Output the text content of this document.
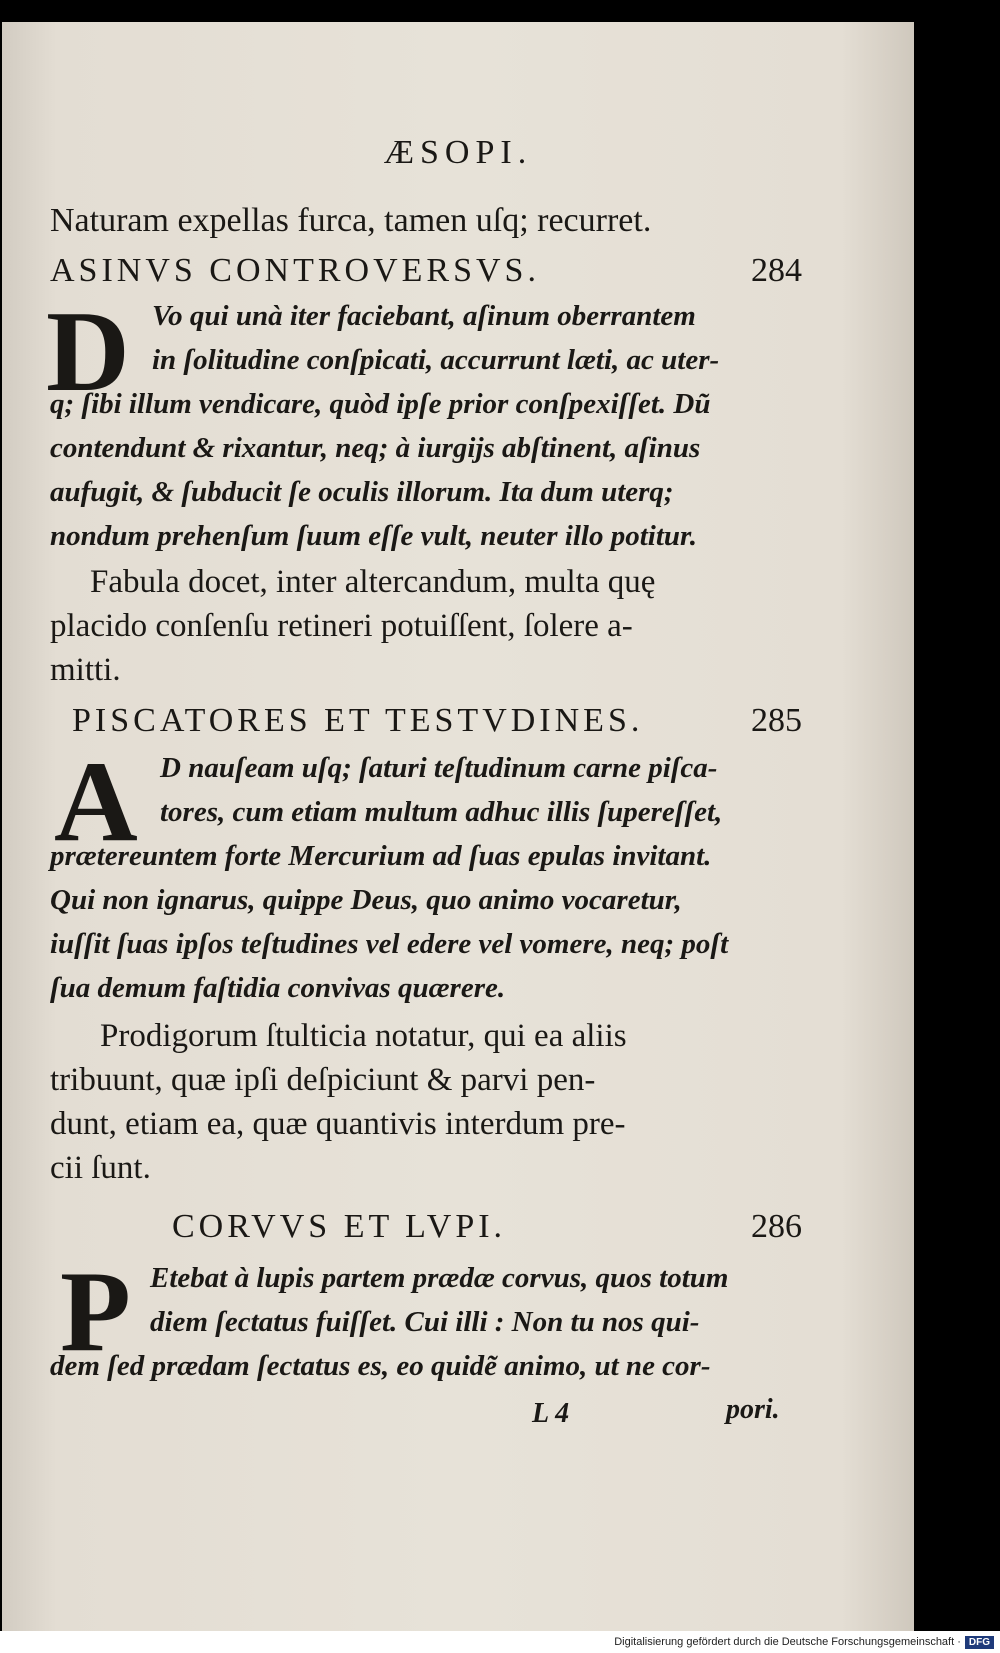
ÆSOPI.
Naturam expellas furca, tamen uſq; recurret.
ASINVS CONTROVERSVS.	284
D Vo qui unà iter faciebant, aſinum oberrantem
in ſolitudine conſpicati, accurrunt læti, ac uter-
q; ſibi illum vendicare, quòd ipſe prior conſpexiſſet. Dũ
contendunt & rixantur, neq; à iurgijs abſtinent, aſinus
aufugit, & ſubducit ſe oculis illorum. Ita dum uterq;
nondum prehenſum ſuum eſſe vult, neuter illo potitur.
Fabula docet, inter altercandum, multa quę
placido conſenſu retineri potuiſſent, ſolere a-
mitti.
PISCATORES ET TESTVDINES.	285
A D nauſeam uſq; ſaturi teſtudinum carne piſca-
tores, cum etiam multum adhuc illis ſupereſſet,
prætereuntem forte Mercurium ad ſuas epulas invitant.
Qui non ignarus, quippe Deus, quo animo vocaretur,
iuſſit ſuas ipſos teſtudines vel edere vel vomere, neq; poſt
ſua demum faſtidia convivas quærere.
Prodigorum ſtulticia notatur, qui ea aliis
tribuunt, quæ ipſi deſpiciunt & parvi pen-
dunt, etiam ea, quæ quantivis interdum pre-
cii ſunt.
CORVVS ET LVPI.	286
P Etebat à lupis partem prædæ corvus, quos totum
diem ſectatus fuiſſet. Cui illi : Non tu nos qui-
dem ſed prædam ſectatus es, eo quidẽ animo, ut ne cor-
L 4	pori.
Digitalisierung gefördert durch die Deutsche Forschungsgemeinschaft · DFG
